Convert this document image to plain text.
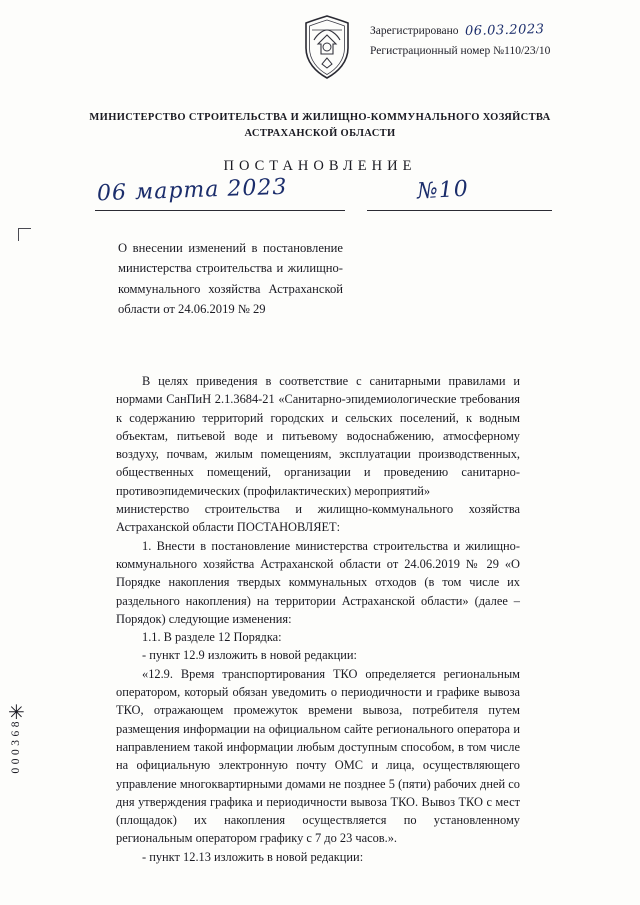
Зарегистрировано 06.03.2023
Регистрационный номер №110/23/10
МИНИСТЕРСТВО СТРОИТЕЛЬСТВА И ЖИЛИЩНО-КОММУНАЛЬНОГО ХОЗЯЙСТВА
АСТРАХАНСКОЙ ОБЛАСТИ
ПОСТАНОВЛЕНИЕ
06 марта 2023	№10
О внесении изменений в постановление министерства строительства и жилищно-коммунального хозяйства Астраханской области от 24.06.2019 № 29

В целях приведения в соответствие с санитарными правилами и нормами СанПиН 2.1.3684-21 «Санитарно-эпидемиологические требования к содержанию территорий городских и сельских поселений, к водным объектам, питьевой воде и питьевому водоснабжению, атмосферному воздуху, почвам, жилым помещениям, эксплуатации производственных, общественных помещений, организации и проведению санитарно-противоэпидемических (профилактических) мероприятий»

министерство строительства и жилищно-коммунального хозяйства Астраханской области ПОСТАНОВЛЯЕТ:

1. Внести в постановление министерства строительства и жилищно-коммунального хозяйства Астраханской области от 24.06.2019 № 29 «О Порядке накопления твердых коммунальных отходов (в том числе их раздельного накопления) на территории Астраханской области» (далее – Порядок) следующие изменения:

1.1. В разделе 12 Порядка:

- пункт 12.9 изложить в новой редакции:

«12.9. Время транспортирования ТКО определяется региональным оператором, который обязан уведомить о периодичности и графике вывоза ТКО, отражающем промежуток времени вывоза, потребителя путем размещения информации на официальном сайте регионального оператора и направлением такой информации любым доступным способом, в том числе на официальную электронную почту ОМС и лица, осуществляющего управление многоквартирными домами не позднее 5 (пяти) рабочих дней со дня утверждения графика и периодичности вывоза ТКО. Вывоз ТКО с мест (площадок) их накопления осуществляется по установленному региональным оператором графику с 7 до 23 часов.».

- пункт 12.13 изложить в новой редакции:

✳
000368
